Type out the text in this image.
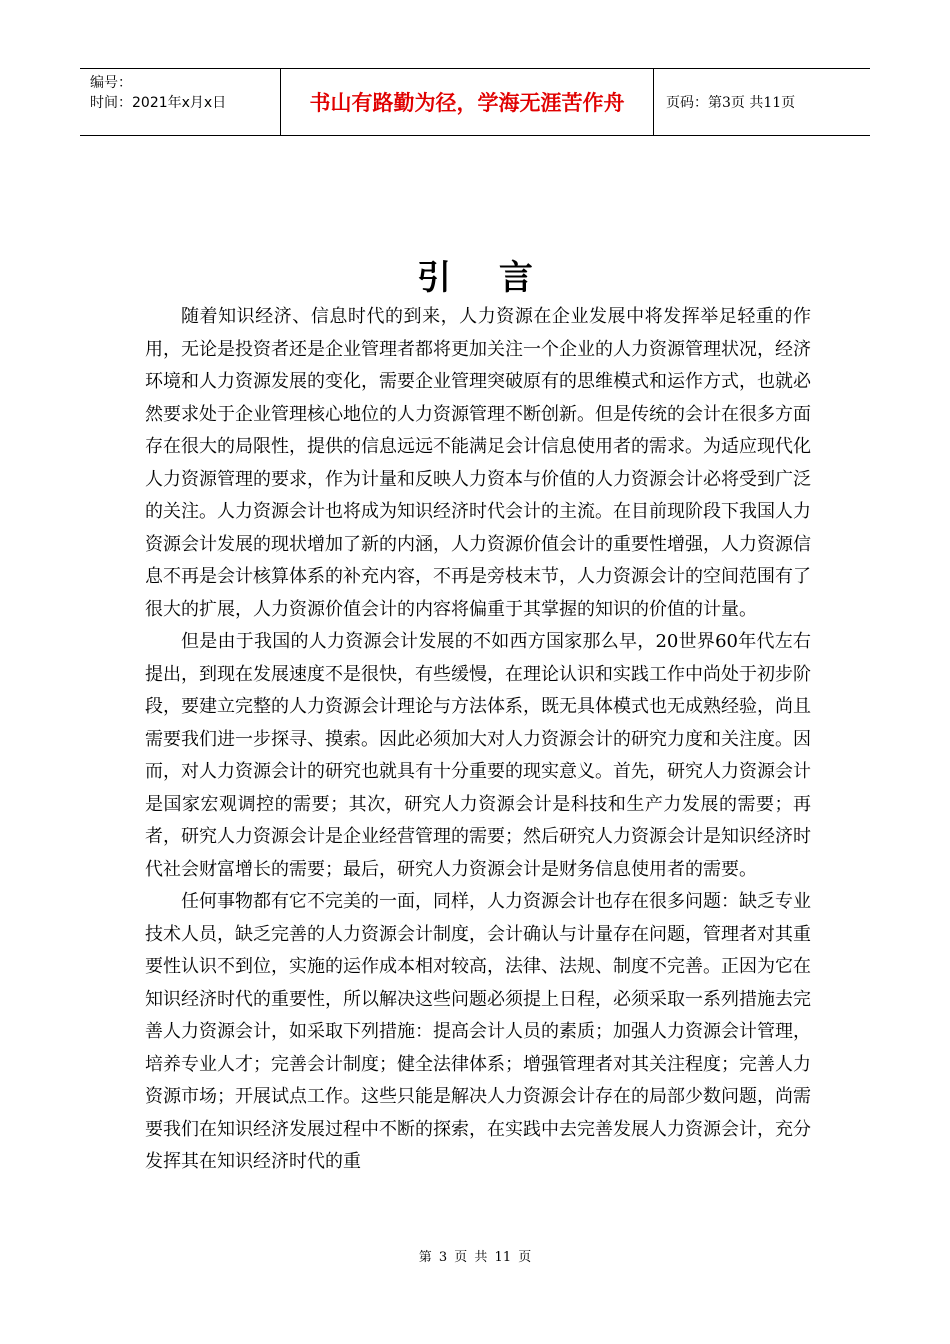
编号：
时间：2021年x月x日	书山有路勤为径，学海无涯苦作舟	页码：第3页 共11页
引 言

随着知识经济、信息时代的到来，人力资源在企业发展中将发挥举足轻重的作用，无论是投资者还是企业管理者都将更加关注一个企业的人力资源管理状况，经济环境和人力资源发展的变化，需要企业管理突破原有的思维模式和运作方式，也就必然要求处于企业管理核心地位的人力资源管理不断创新。但是传统的会计在很多方面存在很大的局限性，提供的信息远远不能满足会计信息使用者的需求。为适应现代化人力资源管理的要求，作为计量和反映人力资本与价值的人力资源会计必将受到广泛的关注。人力资源会计也将成为知识经济时代会计的主流。在目前现阶段下我国人力资源会计发展的现状增加了新的内涵，人力资源价值会计的重要性增强，人力资源信息不再是会计核算体系的补充内容，不再是旁枝末节，人力资源会计的空间范围有了很大的扩展，人力资源价值会计的内容将偏重于其掌握的知识的价值的计量。

但是由于我国的人力资源会计发展的不如西方国家那么早，20世界60年代左右提出，到现在发展速度不是很快，有些缓慢，在理论认识和实践工作中尚处于初步阶段，要建立完整的人力资源会计理论与方法体系，既无具体模式也无成熟经验，尚且需要我们进一步探寻、摸索。因此必须加大对人力资源会计的研究力度和关注度。因而，对人力资源会计的研究也就具有十分重要的现实意义。首先，研究人力资源会计是国家宏观调控的需要；其次，研究人力资源会计是科技和生产力发展的需要；再者，研究人力资源会计是企业经营管理的需要；然后研究人力资源会计是知识经济时代社会财富增长的需要；最后，研究人力资源会计是财务信息使用者的需要。

任何事物都有它不完美的一面，同样，人力资源会计也存在很多问题：缺乏专业技术人员，缺乏完善的人力资源会计制度，会计确认与计量存在问题，管理者对其重要性认识不到位，实施的运作成本相对较高，法律、法规、制度不完善。正因为它在知识经济时代的重要性，所以解决这些问题必须提上日程，必须采取一系列措施去完善人力资源会计，如采取下列措施：提高会计人员的素质；加强人力资源会计管理，培养专业人才；完善会计制度；健全法律体系；增强管理者对其关注程度；完善人力资源市场；开展试点工作。这些只能是解决人力资源会计存在的局部少数问题，尚需要我们在知识经济发展过程中不断的探索，在实践中去完善发展人力资源会计，充分发挥其在知识经济时代的重

第 3 页 共 11 页
